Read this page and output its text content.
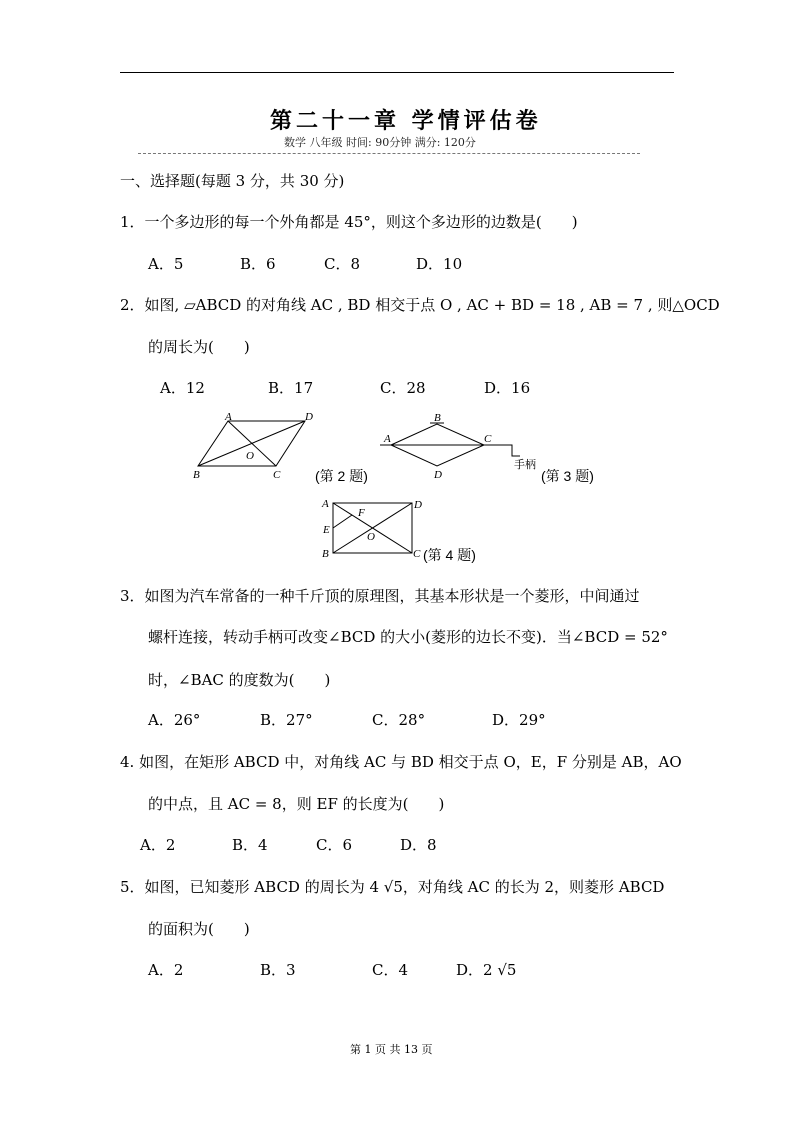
第二十一章 学情评估卷
数学 八年级 时间: 90分钟 满分: 120分
一、选择题(每题 3 分，共 30 分)
1．一个多边形的每一个外角都是 45°，则这个多边形的边数是(　　)
A．5	B．6	C．8	D．10
2．如图, ▱ABCD 的对角线 AC , BD 相交于点 O , AC + BD = 18 , AB = 7 , 则△OCD
的周长为(　　)
A．12	B．17	C．28	D．16
A	D
B	C
O
(第 2 题)
B
A	C
D
手柄
(第 3 题)
A	D
E
F
O
B	C (第 4 题)
3．如图为汽车常备的一种千斤顶的原理图，其基本形状是一个菱形，中间通过
螺杆连接，转动手柄可改变∠BCD 的大小(菱形的边长不变)．当∠BCD = 52°
时，∠BAC 的度数为(　　)
A．26°	B．27°	C．28°	D．29°
4. 如图，在矩形 ABCD 中，对角线 AC 与 BD 相交于点 O，E，F 分别是 AB，AO
的中点，且 AC = 8，则 EF 的长度为(　　)
A．2	B．4	C．6	D．8
5．如图，已知菱形 ABCD 的周长为 4 √5，对角线 AC 的长为 2，则菱形 ABCD
的面积为(　　)
A．2	B．3	C．4	D．2 √5
第 1 页 共 13 页
